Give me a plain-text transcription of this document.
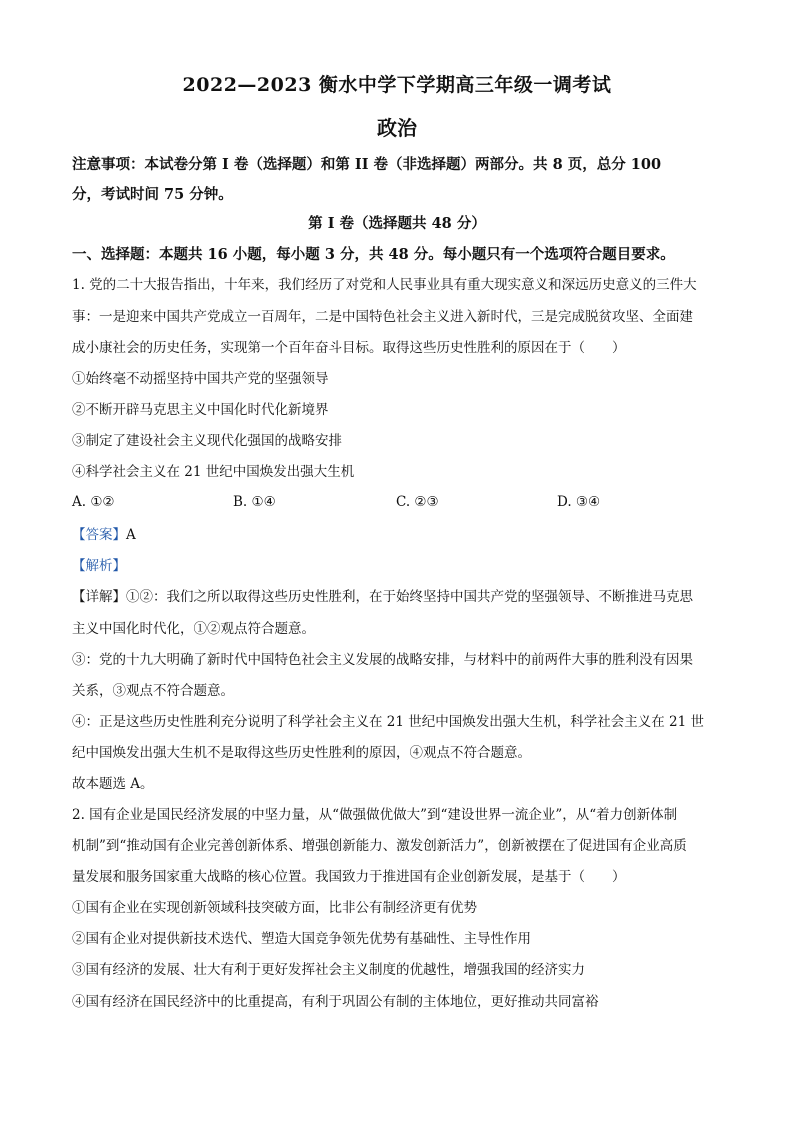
2022—2023 衡水中学下学期高三年级一调考试
政治
注意事项：本试卷分第 I 卷（选择题）和第 II 卷（非选择题）两部分。共 8 页，总分 100
分，考试时间 75 分钟。
第 I 卷（选择题共 48 分）
一、选择题：本题共 16 小题，每小题 3 分，共 48 分。每小题只有一个选项符合题目要求。
1. 党的二十大报告指出，十年来，我们经历了对党和人民事业具有重大现实意义和深远历史意义的三件大
事：一是迎来中国共产党成立一百周年，二是中国特色社会主义进入新时代，三是完成脱贫攻坚、全面建
成小康社会的历史任务，实现第一个百年奋斗目标。取得这些历史性胜利的原因在于（　　）
①始终毫不动摇坚持中国共产党的坚强领导
②不断开辟马克思主义中国化时代化新境界
③制定了建设社会主义现代化强国的战略安排
④科学社会主义在 21 世纪中国焕发出强大生机
A. ①②	B. ①④	C. ②③	D. ③④
【答案】A
【解析】
【详解】①②：我们之所以取得这些历史性胜利，在于始终坚持中国共产党的坚强领导、不断推进马克思
主义中国化时代化，①②观点符合题意。
③：党的十九大明确了新时代中国特色社会主义发展的战略安排，与材料中的前两件大事的胜利没有因果
关系，③观点不符合题意。
④：正是这些历史性胜利充分说明了科学社会主义在 21 世纪中国焕发出强大生机，科学社会主义在 21 世
纪中国焕发出强大生机不是取得这些历史性胜利的原因，④观点不符合题意。
故本题选 A。
2. 国有企业是国民经济发展的中坚力量，从“做强做优做大”到“建设世界一流企业”，从“着力创新体制
机制”到“推动国有企业完善创新体系、增强创新能力、激发创新活力”，创新被摆在了促进国有企业高质
量发展和服务国家重大战略的核心位置。我国致力于推进国有企业创新发展，是基于（　　）
①国有企业在实现创新领域科技突破方面，比非公有制经济更有优势
②国有企业对提供新技术迭代、塑造大国竞争领先优势有基础性、主导性作用
③国有经济的发展、壮大有利于更好发挥社会主义制度的优越性，增强我国的经济实力
④国有经济在国民经济中的比重提高，有利于巩固公有制的主体地位，更好推动共同富裕
